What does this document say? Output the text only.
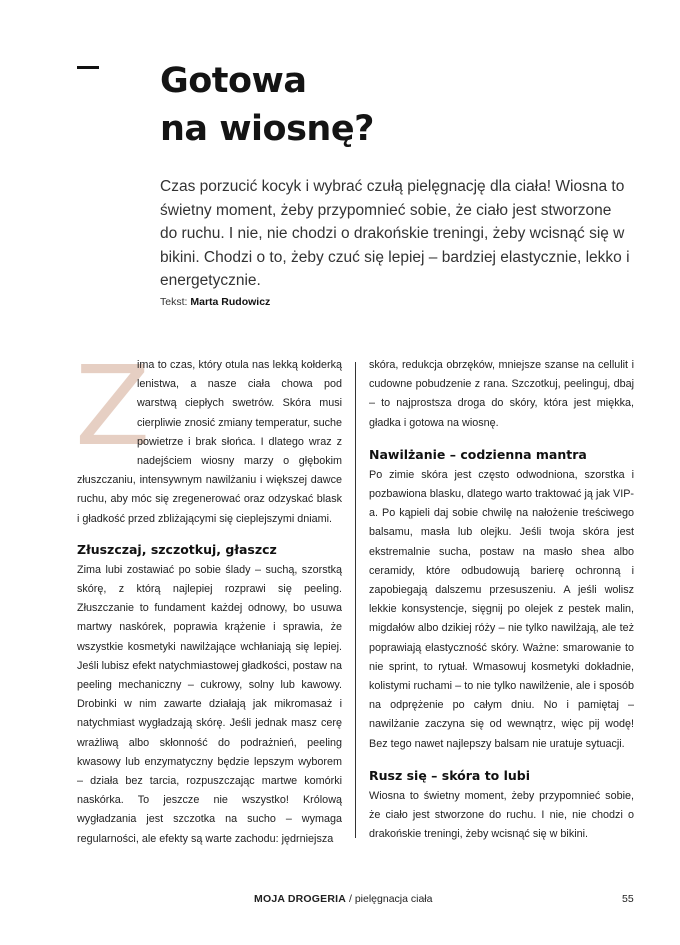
Gotowa
na wiosnę?

Czas porzucić kocyk i wybrać czułą pielęgnację dla ciała! Wiosna to świetny moment, żeby przypomnieć sobie, że ciało jest stworzone do ruchu. I nie, nie chodzi o drakońskie treningi, żeby wcisnąć się w bikini. Chodzi o to, żeby czuć się lepiej – bardziej elastycznie, lekko i energetycznie.

Tekst: Marta Rudowicz
Z

ima to czas, który otula nas lekką kołderką lenistwa, a nasze ciała chowa pod warstwą ciepłych swetrów. Skóra musi cierpliwie znosić zmiany temperatur, suche powietrze i brak słońca. I dlatego wraz z nadejściem wiosny marzy o głębokim złuszczaniu, intensywnym nawilżaniu i większej dawce ruchu, aby móc się zregenerować oraz odzyskać blask i gładkość przed zbliżającymi się cieplejszymi dniami.

Złuszczaj, szczotkuj, głaszcz

Zima lubi zostawiać po sobie ślady – suchą, szorstką skórę, z którą najlepiej rozprawi się peeling. Złuszczanie to fundament każdej odnowy, bo usuwa martwy naskórek, poprawia krążenie i sprawia, że wszystkie kosmetyki nawilżające wchłaniają się lepiej. Jeśli lubisz efekt natychmiastowej gładkości, postaw na peeling mechaniczny – cukrowy, solny lub kawowy. Drobinki w nim zawarte działają jak mikromasaż i natychmiast wygładzają skórę. Jeśli jednak masz cerę wrażliwą albo skłonność do podrażnień, peeling kwasowy lub enzymatyczny będzie lepszym wyborem – działa bez tarcia, rozpuszczając martwe komórki naskórka. To jeszcze nie wszystko! Królową wygładzania jest szczotka na sucho – wymaga regularności, ale efekty są warte zachodu: jędrniejsza

skóra, redukcja obrzęków, mniejsze szanse na cellulit i cudowne pobudzenie z rana. Szczotkuj, peelinguj, dbaj – to najprostsza droga do skóry, która jest miękka, gładka i gotowa na wiosnę.

Nawilżanie – codzienna mantra

Po zimie skóra jest często odwodniona, szorstka i pozbawiona blasku, dlatego warto traktować ją jak VIP-a. Po kąpieli daj sobie chwilę na nałożenie treściwego balsamu, masła lub olejku. Jeśli twoja skóra jest ekstremalnie sucha, postaw na masło shea albo ceramidy, które odbudowują barierę ochronną i zapobiegają dalszemu przesuszeniu. A jeśli wolisz lekkie konsystencje, sięgnij po olejek z pestek malin, migdałów albo dzikiej róży – nie tylko nawilżają, ale też poprawiają elastyczność skóry. Ważne: smarowanie to nie sprint, to rytuał. Wmasowuj kosmetyki dokładnie, kolistymi ruchami – to nie tylko nawilżenie, ale i sposób na odprężenie po całym dniu. No i pamiętaj – nawilżanie zaczyna się od wewnątrz, więc pij wodę! Bez tego nawet najlepszy balsam nie uratuje sytuacji.

Rusz się – skóra to lubi

Wiosna to świetny moment, żeby przypomnieć sobie, że ciało jest stworzone do ruchu. I nie, nie chodzi o drakońskie treningi, żeby wcisnąć się w bikini.

MOJA DROGERIA / pielęgnacja ciała	55
